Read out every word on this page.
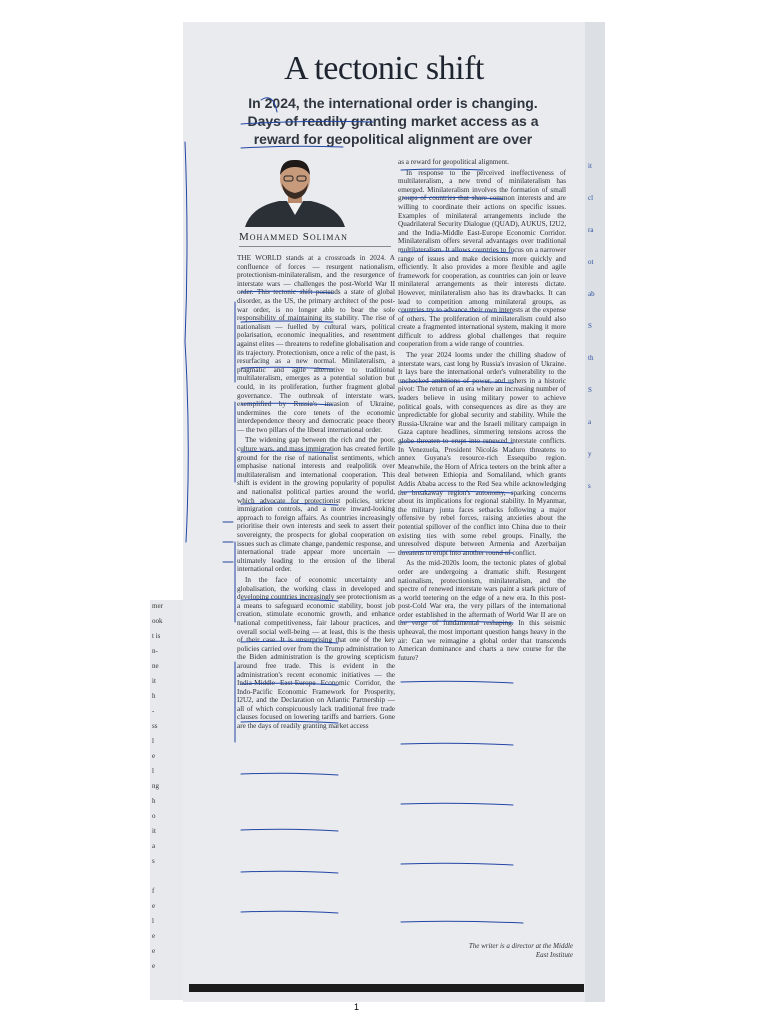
mer
ook
t is
n-
ne
it
h
-
ss
l
e
l
ng
h
o
it
a
s
f
e
l
e
e
e
A tectonic shift
In 2024, the international order is changing. Days of readily granting market access as a reward for geopolitical alignment are over
Mohammed Soliman

THE WORLD stands at a crossroads in 2024. A confluence of forces — resurgent nationalism, protectionism-minilateralism, and the resurgence of interstate wars — challenges the post-World War II order. This tectonic shift portends a state of global disorder, as the US, the primary architect of the post-war order, is no longer able to bear the sole responsibility of maintaining its stability. The rise of nationalism — fuelled by cultural wars, political polarisation, economic inequalities, and resentment against elites — threatens to redefine globalisation and its trajectory. Protectionism, once a relic of the past, is resurfacing as a new normal. Minilateralism, a pragmatic and agile alternative to traditional multilateralism, emerges as a potential solution but could, in its proliferation, further fragment global governance. The outbreak of interstate wars, exemplified by Russia's invasion of Ukraine, undermines the core tenets of the economic interdependence theory and democratic peace theory — the two pillars of the liberal international order.

The widening gap between the rich and the poor, culture wars, and mass immigration has created fertile ground for the rise of nationalist sentiments, which emphasise national interests and realpolitik over multilateralism and international cooperation. This shift is evident in the growing popularity of populist and nationalist political parties around the world, which advocate for protectionist policies, stricter immigration controls, and a more inward-looking approach to foreign affairs. As countries increasingly prioritise their own interests and seek to assert their sovereignty, the prospects for global cooperation on issues such as climate change, pandemic response, and international trade appear more uncertain — ultimately leading to the erosion of the liberal international order.

In the face of economic uncertainty and globalisation, the working class in developed and developing countries increasingly see protectionism as a means to safeguard economic stability, boost job creation, stimulate economic growth, and enhance national competitiveness, fair labour practices, and overall social well-being — at least, this is the thesis of their case. It is unsurprising that one of the key policies carried over from the Trump administration to the Biden administration is the growing scepticism around free trade. This is evident in the administration's recent economic initiatives — the India-Middle East-Europe Economic Corridor, the Indo-Pacific Economic Framework for Prosperity, I2U2, and the Declaration on Atlantic Partnership — all of which conspicuously lack traditional free trade clauses focused on lowering tariffs and barriers. Gone are the days of readily granting market access

as a reward for geopolitical alignment.

In response to the perceived ineffectiveness of multilateralism, a new trend of minilateralism has emerged. Minilateralism involves the formation of small groups of countries that share common interests and are willing to coordinate their actions on specific issues. Examples of minilateral arrangements include the Quadrilateral Security Dialogue (QUAD), AUKUS, I2U2, and the India-Middle East-Europe Economic Corridor. Minilateralism offers several advantages over traditional multilateralism. It allows countries to focus on a narrower range of issues and make decisions more quickly and efficiently. It also provides a more flexible and agile framework for cooperation, as countries can join or leave minilateral arrangements as their interests dictate. However, minilateralism also has its drawbacks. It can lead to competition among minilateral groups, as countries try to advance their own interests at the expense of others. The proliferation of minilateralism could also create a fragmented international system, making it more difficult to address global challenges that require cooperation from a wide range of countries.

The year 2024 looms under the chilling shadow of interstate wars, cast long by Russia's invasion of Ukraine. It lays bare the international order's vulnerability to the unchecked ambitions of power, and ushers in a historic pivot: The return of an era where an increasing number of leaders believe in using military power to achieve political goals, with consequences as dire as they are unpredictable for global security and stability. While the Russia-Ukraine war and the Israeli military campaign in Gaza capture headlines, simmering tensions across the globe threaten to erupt into renewed interstate conflicts. In Venezuela, President Nicolás Maduro threatens to annex Guyana's resource-rich Essequibo region. Meanwhile, the Horn of Africa teeters on the brink after a deal between Ethiopia and Somaliland, which grants Addis Ababa access to the Red Sea while acknowledging the breakaway region's autonomy, sparking concerns about its implications for regional stability. In Myanmar, the military junta faces setbacks following a major offensive by rebel forces, raising anxieties about the potential spillover of the conflict into China due to their existing ties with some rebel groups. Finally, the unresolved dispute between Armenia and Azerbaijan threatens to erupt into another round of conflict.

As the mid-2020s loom, the tectonic plates of global order are undergoing a dramatic shift. Resurgent nationalism, protectionism, minilateralism, and the spectre of renewed interstate wars paint a stark picture of a world teetering on the edge of a new era. In this post-post-Cold War era, the very pillars of the international order established in the aftermath of World War II are on the verge of fundamental reshaping. In this seismic upheaval, the most important question hangs heavy in the air: Can we reimagine a global order that transcends American dominance and charts a new course for the future?

The writer is a director at the Middle East Institute
it
cl
ra
ot
ab
S
th
S
a
y
s
1
